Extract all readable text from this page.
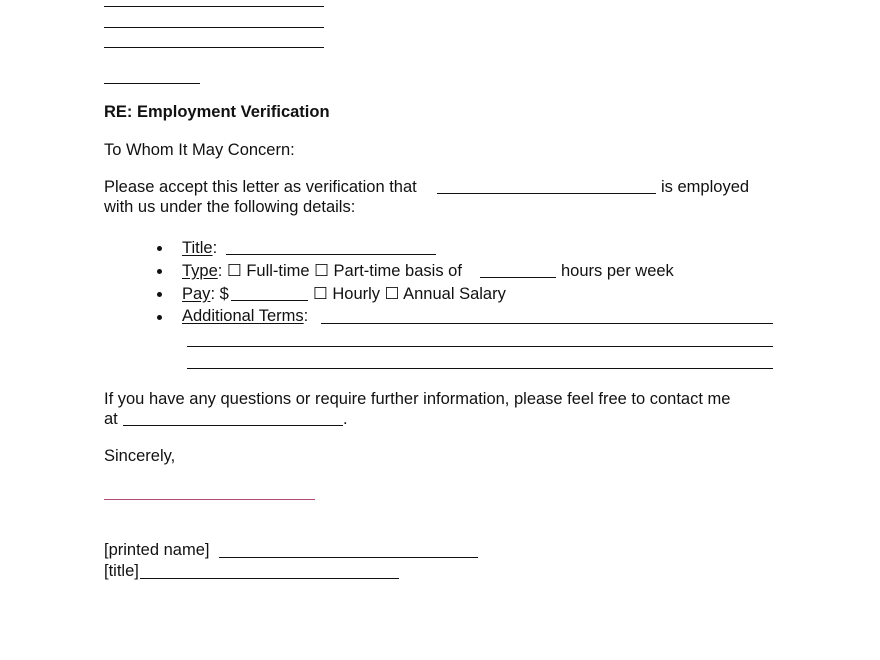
RE: Employment Verification
To Whom It May Concern:
Please accept this letter as verification that	is employed
with us under the following details:
Title:
Type: ☐ Full-time ☐ Part-time basis of	hours per week
Pay: $	☐ Hourly ☐ Annual Salary
Additional Terms:
If you have any questions or require further information, please feel free to contact me
at	.
Sincerely,
[printed name]
[title]
